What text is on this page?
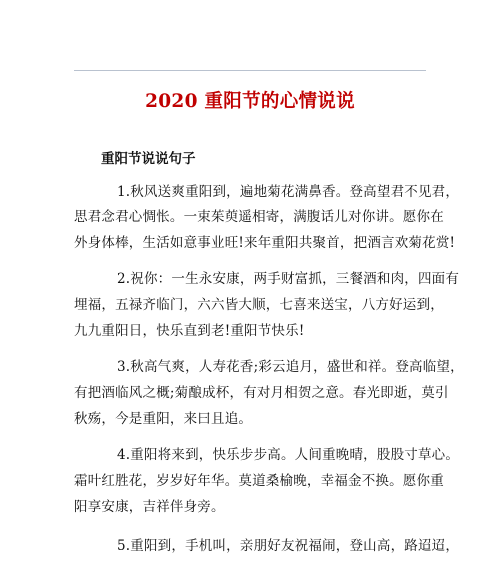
2020 重阳节的心情说说
重阳节说说句子
1.秋风送爽重阳到，遍地菊花满鼻香。登高望君不见君，
思君念君心惆怅。一束茱萸遥相寄，满腹话儿对你讲。愿你在
外身体棒，生活如意事业旺!来年重阳共聚首，把酒言欢菊花赏!
2.祝你：一生永安康，两手财富抓，三餐酒和肉，四面有
埋福，五禄齐临门，六六皆大顺，七喜来送宝，八方好运到，
九九重阳日，快乐直到老!重阳节快乐!
3.秋高气爽，人寿花香;彩云追月，盛世和祥。登高临望，
有把酒临风之概;菊酿成杯，有对月相贺之意。春光即逝，莫引
秋殇，今是重阳，来曰且追。
4.重阳将来到，快乐步步高。人间重晚晴，股股寸草心。
霜叶红胜花，岁岁好年华。莫道桑榆晚，幸福金不换。愿你重
阳享安康，吉祥伴身旁。
5.重阳到，手机叫，亲朋好友祝福闹，登山高，路迢迢，
